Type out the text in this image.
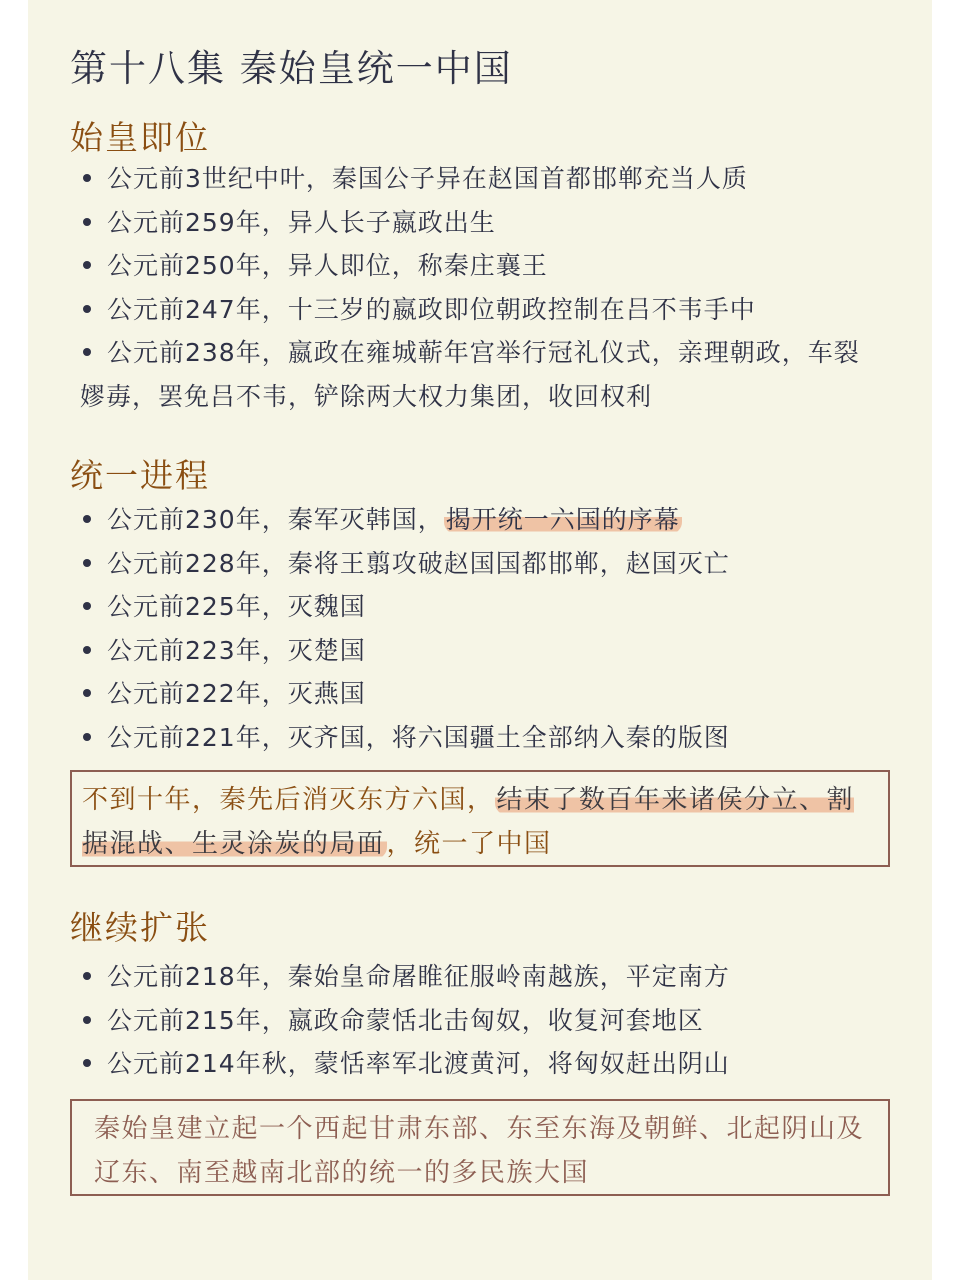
第十八集 秦始皇统一中国
始皇即位
公元前3世纪中叶，秦国公子异在赵国首都邯郸充当人质
公元前259年，异人长子嬴政出生
公元前250年，异人即位，称秦庄襄王
公元前247年，十三岁的嬴政即位朝政控制在吕不韦手中
公元前238年，嬴政在雍城蕲年宫举行冠礼仪式，亲理朝政，车裂嫪毐，罢免吕不韦，铲除两大权力集团，收回权利
统一进程
公元前230年，秦军灭韩国，揭开统一六国的序幕
公元前228年，秦将王翦攻破赵国国都邯郸，赵国灭亡
公元前225年，灭魏国
公元前223年，灭楚国
公元前222年，灭燕国
公元前221年，灭齐国，将六国疆土全部纳入秦的版图
不到十年，秦先后消灭东方六国，结束了数百年来诸侯分立、割据混战、生灵涂炭的局面，统一了中国
继续扩张
公元前218年，秦始皇命屠睢征服岭南越族，平定南方
公元前215年，嬴政命蒙恬北击匈奴，收复河套地区
公元前214年秋，蒙恬率军北渡黄河，将匈奴赶出阴山
秦始皇建立起一个西起甘肃东部、东至东海及朝鲜、北起阴山及辽东、南至越南北部的统一的多民族大国
